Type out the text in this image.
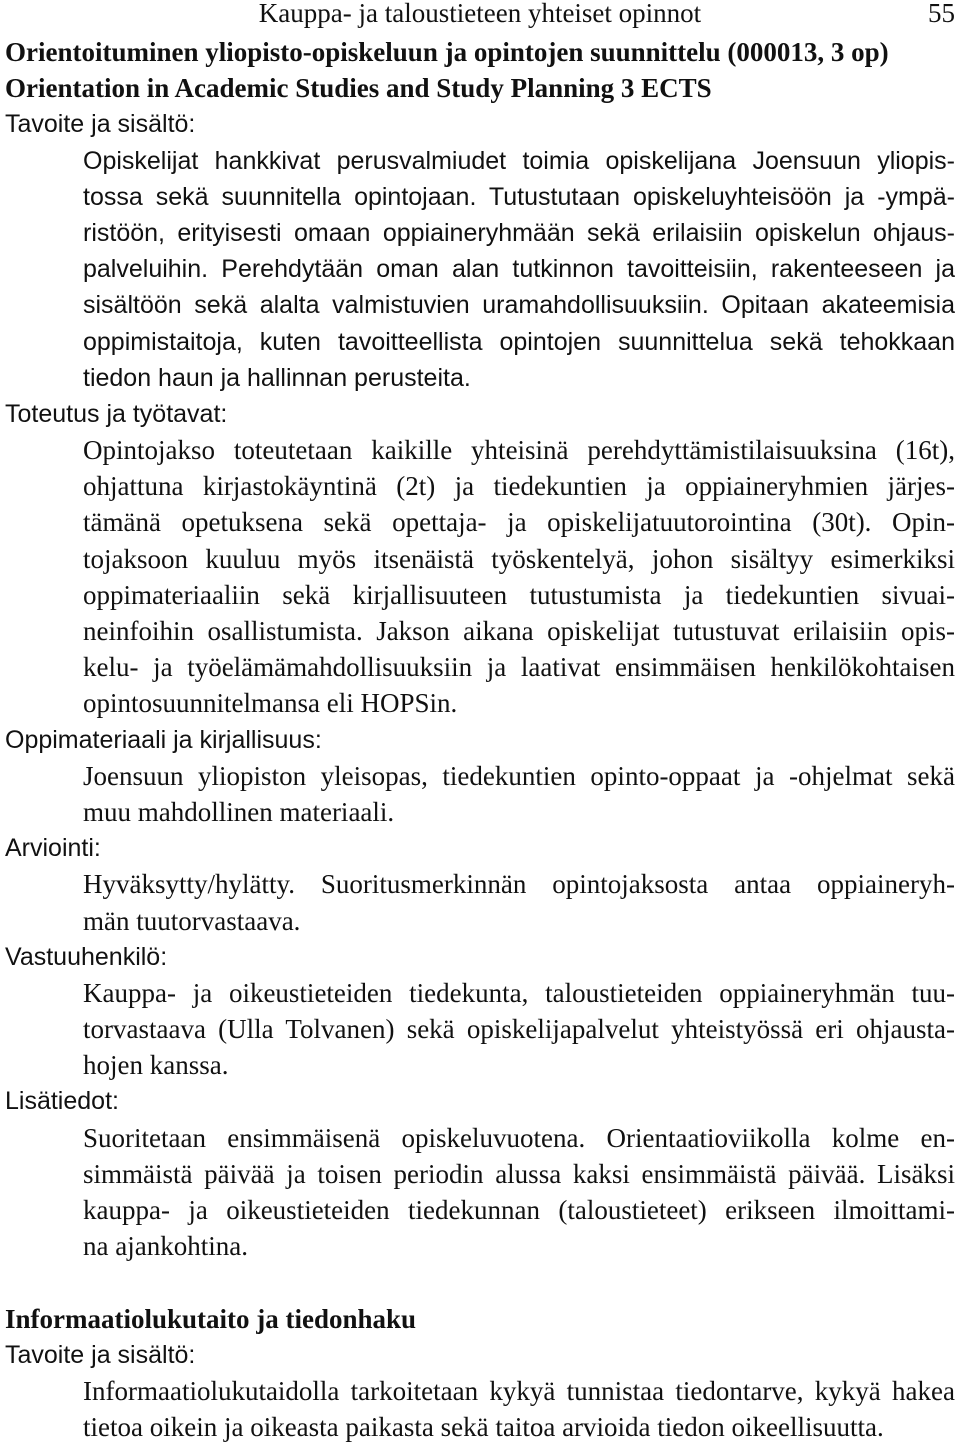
Kauppa- ja taloustieteen yhteiset opinnot	55
Orientoituminen yliopisto-opiskeluun ja opintojen suunnittelu (000013, 3 op)
Orientation in Academic Studies and Study Planning 3 ECTS
Tavoite ja sisältö:
Opiskelijat hankkivat perusvalmiudet toimia opiskelijana Joensuun yliopis-
tossa sekä suunnitella opintojaan. Tutustutaan opiskeluyhteisöön ja -ympä-
ristöön, erityisesti omaan oppiaineryhmään sekä erilaisiin opiskelun ohjaus-
palveluihin. Perehdytään oman alan tutkinnon tavoitteisiin, rakenteeseen ja
sisältöön sekä alalta valmistuvien uramahdollisuuksiin. Opitaan akateemisia
oppimistaitoja, kuten tavoitteellista opintojen suunnittelua sekä tehokkaan
tiedon haun ja hallinnan perusteita.
Toteutus ja työtavat:
Opintojakso toteutetaan kaikille yhteisinä perehdyttämistilaisuuksina (16t),
ohjattuna kirjastokäyntinä (2t) ja tiedekuntien ja oppiaineryhmien järjes-
tämänä opetuksena sekä opettaja- ja opiskelijatuutorointina (30t). Opin-
tojaksoon kuuluu myös itsenäistä työskentelyä, johon sisältyy esimerkiksi
oppimateriaaliin sekä kirjallisuuteen tutustumista ja tiedekuntien sivuai-
neinfoihin osallistumista. Jakson aikana opiskelijat tutustuvat erilaisiin opis-
kelu- ja työelämämahdollisuuksiin ja laativat ensimmäisen henkilökohtaisen
opintosuunnitelmansa eli HOPSin.
Oppimateriaali ja kirjallisuus:
Joensuun yliopiston yleisopas, tiedekuntien opinto-oppaat ja -ohjelmat sekä
muu mahdollinen materiaali.
Arviointi:
Hyväksytty/hylätty. Suoritusmerkinnän opintojaksosta antaa oppiaineryh-
män tuutorvastaava.
Vastuuhenkilö:
Kauppa- ja oikeustieteiden tiedekunta, taloustieteiden oppiaineryhmän tuu-
torvastaava (Ulla Tolvanen) sekä opiskelijapalvelut yhteistyössä eri ohjausta-
hojen kanssa.
Lisätiedot:
Suoritetaan ensimmäisenä opiskeluvuotena. Orientaatioviikolla kolme en-
simmäistä päivää ja toisen periodin alussa kaksi ensimmäistä päivää. Lisäksi
kauppa- ja oikeustieteiden tiedekunnan (taloustieteet) erikseen ilmoittami-
na ajankohtina.
Informaatiolukutaito ja tiedonhaku
Tavoite ja sisältö:
Informaatiolukutaidolla tarkoitetaan kykyä tunnistaa tiedontarve, kykyä hakea
tietoa oikein ja oikeasta paikasta sekä taitoa arvioida tiedon oikeellisuutta.
